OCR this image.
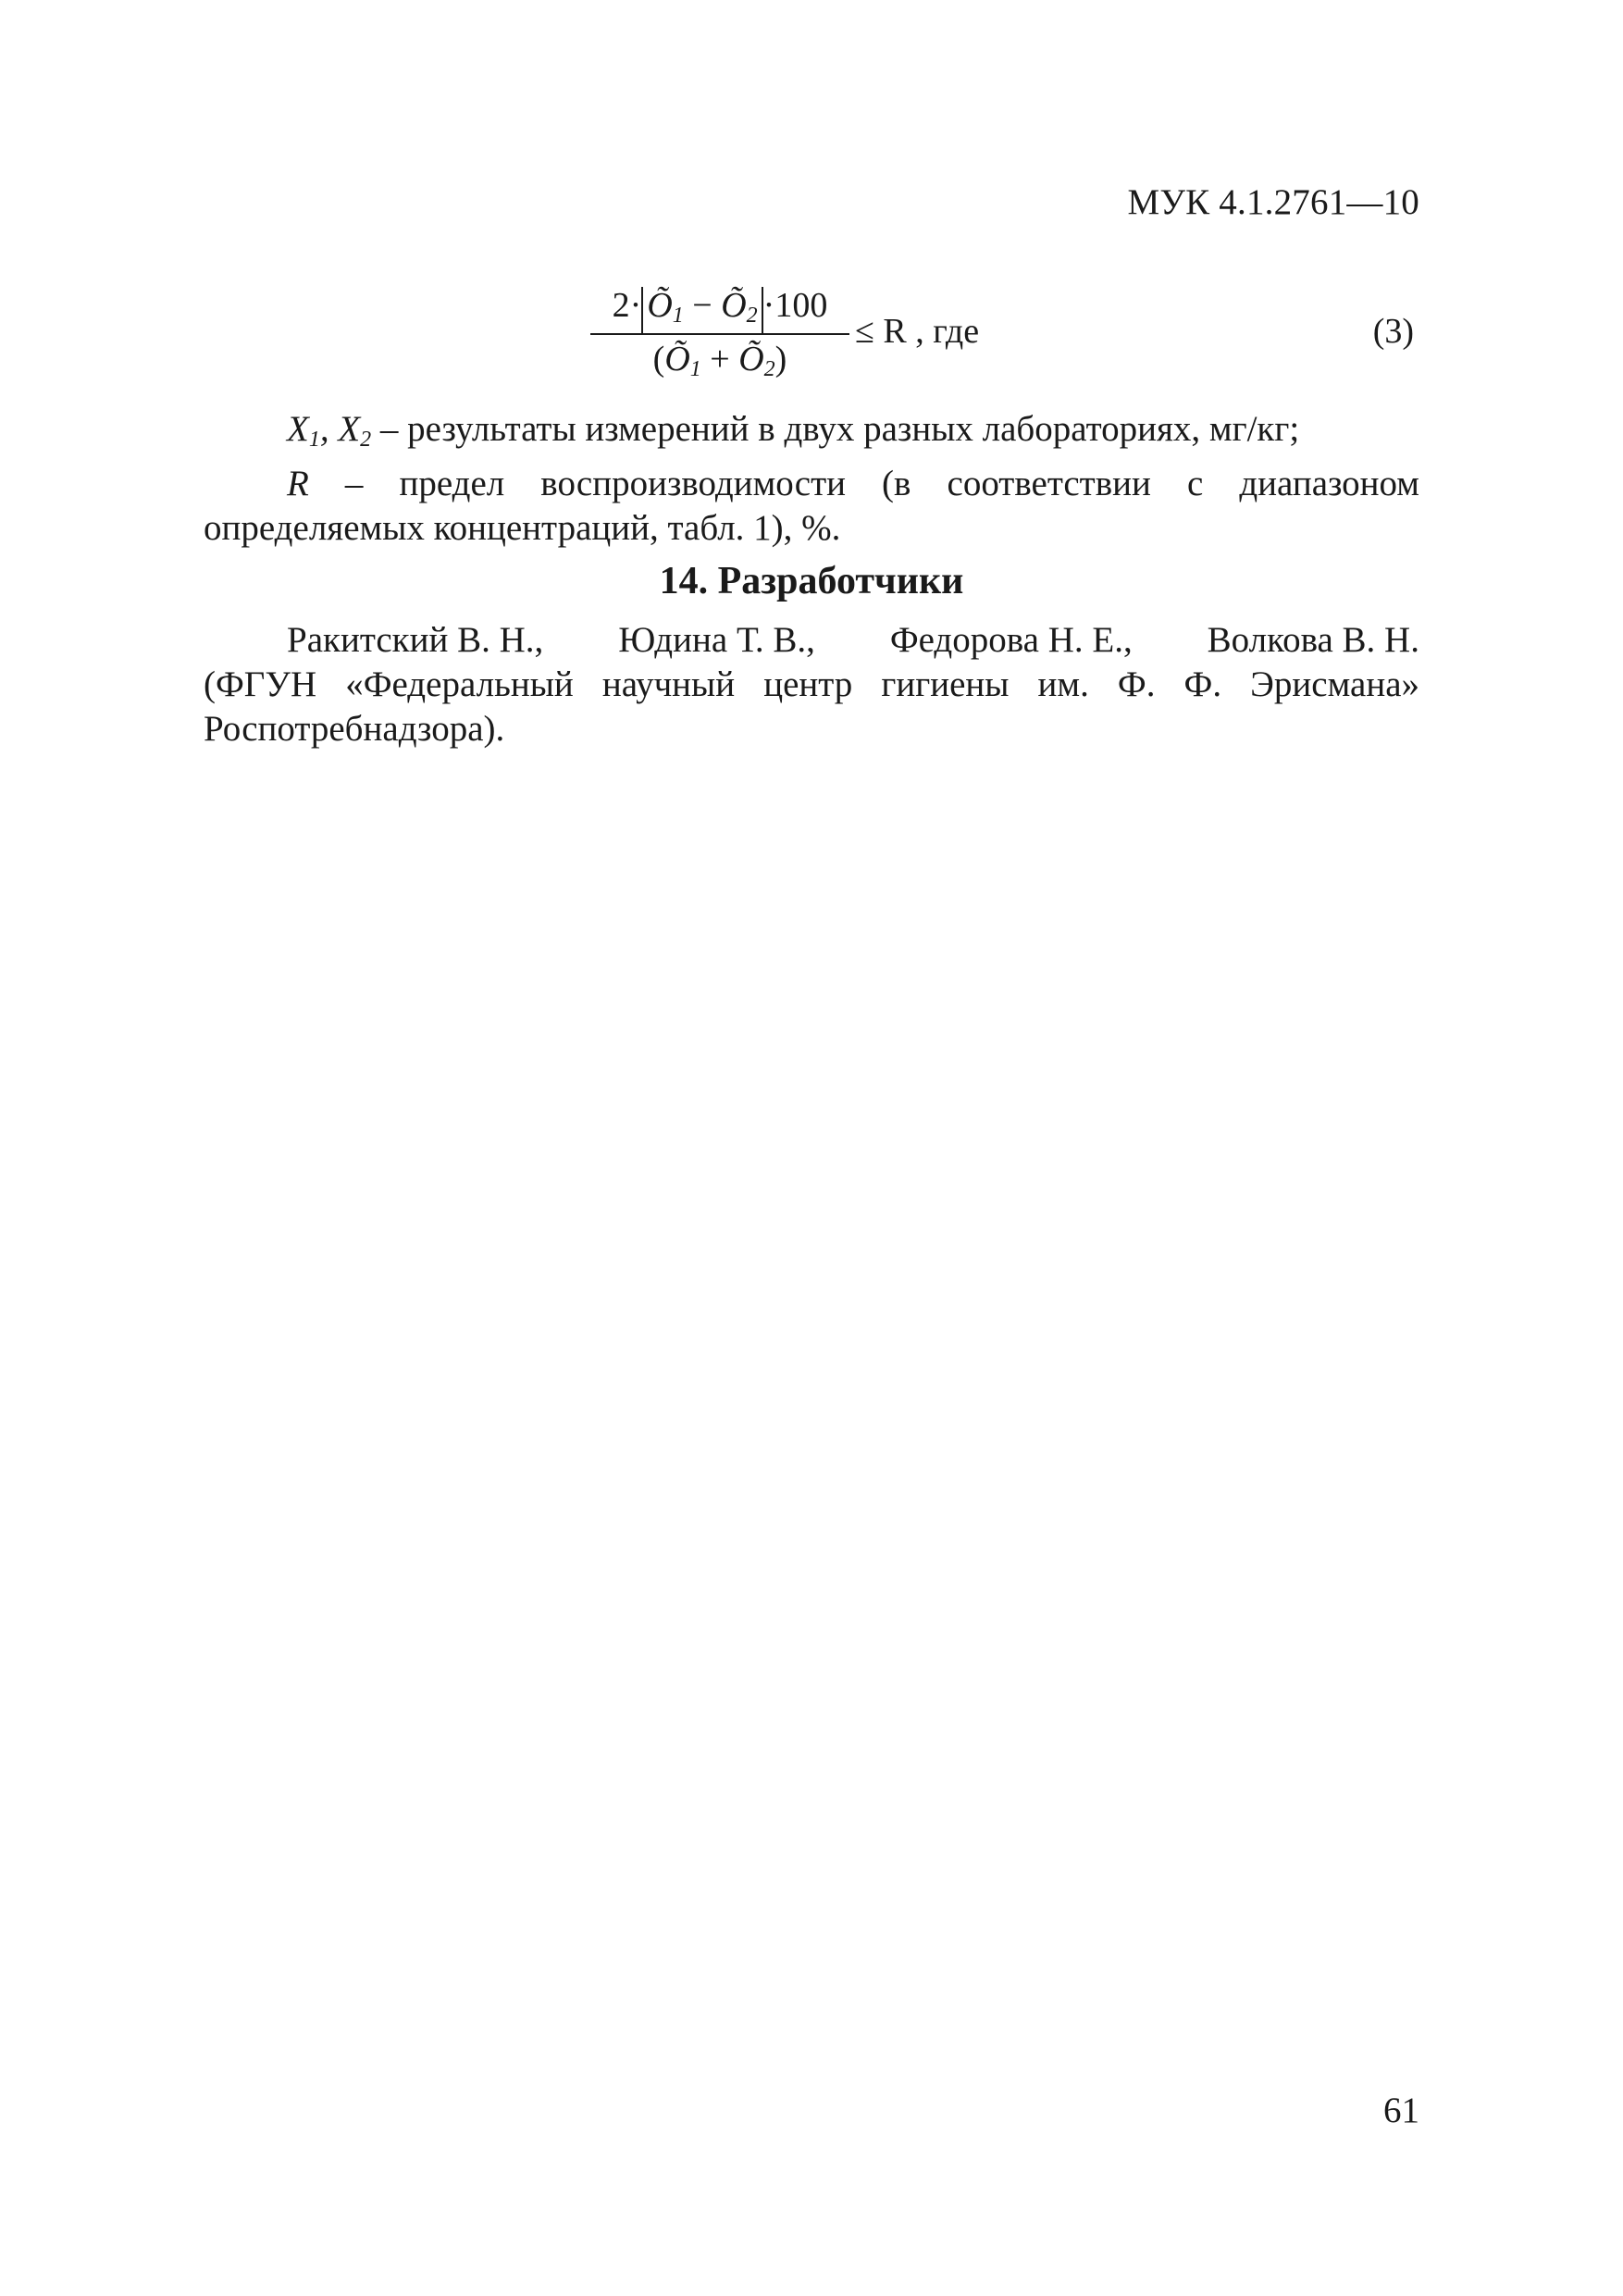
МУК 4.1.2761—10
$2\cdot Õ_1$ − $Õ_2 \cdot 100$
($Õ_1$ + $Õ_2$)
≤ R , где	(3)

$X_1$, $X_2$ – результаты измерений в двух разных лабораториях, мг/кг;

R – предел воспроизводимости (в соответствии с диапазоном определяемых концентраций, табл. 1), %.

14. Разработчики
Ракитский В. Н., Юдина Т. В., Федорова Н. Е., Волкова В. Н.

(ФГУН «Федеральный научный центр гигиены им. Ф. Ф. Эрисмана»

Роспотребнадзора).

61
